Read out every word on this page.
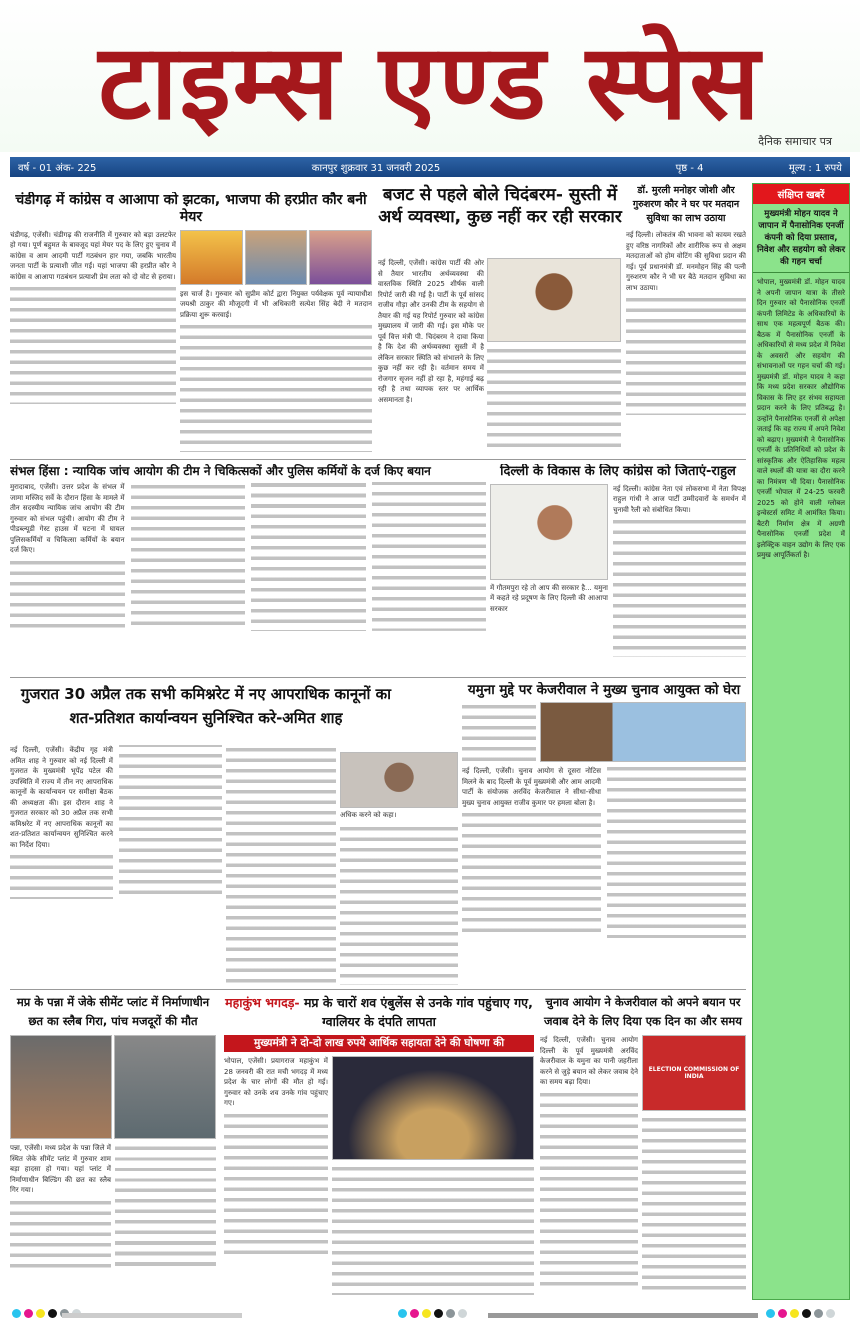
टाइम्स एण्ड स्पेस
दैनिक समाचार पत्र
वर्ष - 01 अंक- 225	कानपुर शुक्रवार 31 जनवरी 2025	पृष्ठ - 4	मूल्य : 1 रुपये
चंडीगढ़ में कांग्रेस व आआपा को झटका, भाजपा की हरप्रीत कौर बनी मेयर

चंडीगढ़, एजेंसी। चंडीगढ़ की राजनीति में गुरुवार को बड़ा उलटफेर हो गया। पूर्ण बहुमत के बावजूद यहां मेयर पद के लिए हुए चुनाव में कांग्रेस व आम आदमी पार्टी गठबंधन हार गया, जबकि भारतीय जनता पार्टी के प्रत्याशी जीत गईं। यहां भाजपा की हरप्रीत कौर ने कांग्रेस व आआपा गठबंधन प्रत्याशी प्रेम लता को दो वोट से हराया।

इस चार्ज है। गुरुवार को सुप्रीम कोर्ट द्वारा नियुक्त पर्यवेक्षक पूर्व न्यायाधीश जयश्री ठाकुर की मौजूदगी में भी अधिकारी सत्येश सिंह बेदी ने मतदान प्रक्रिया शुरू करवाई।

बजट से पहले बोले चिदंबरम- सुस्ती में अर्थ व्यवस्था, कुछ नहीं कर रही सरकार

नई दिल्ली, एजेंसी। कांग्रेस पार्टी की ओर से तैयार भारतीय अर्थव्यवस्था की वास्तविक स्थिति 2025 शीर्षक वाली रिपोर्ट जारी की गई है। पार्टी के पूर्व सांसद राजीव गौड़ा और उनकी टीम के सहयोग से तैयार की गई यह रिपोर्ट गुरुवार को कांग्रेस मुख्यालय में जारी की गई। इस मौके पर पूर्व वित्त मंत्री पी. चिदंबरम ने दावा किया है कि देश की अर्थव्यवस्था सुस्ती में है लेकिन सरकार स्थिति को संभालने के लिए कुछ नहीं कर रही है। वर्तमान समय में रोजगार सृजन नहीं हो रहा है, महंगाई बढ़ रही है तथा व्यापक स्तर पर आर्थिक असमानता है।

डॉ. मुरली मनोहर जोशी और गुरुशरण कौर ने घर पर मतदान सुविधा का लाभ उठाया

नई दिल्ली। लोकतंत्र की भावना को कायम रखते हुए वरिष्ठ नागरिकों और शारीरिक रूप से अक्षम मतदाताओं को होम वोटिंग की सुविधा प्रदान की गई। पूर्व प्रधानमंत्री डॉ. मनमोहन सिंह की पत्नी गुरुशरण कौर ने भी घर बैठे मतदान सुविधा का लाभ उठाया।

संभल हिंसा : न्यायिक जांच आयोग की टीम ने चिकित्सकों और पुलिस कर्मियों के दर्ज किए बयान

मुरादाबाद, एजेंसी। उत्तर प्रदेश के संभल में जामा मस्जिद सर्वे के दौरान हिंसा के मामले में तीन सदस्यीय न्यायिक जांच आयोग की टीम गुरुवार को संभल पहुंची। आयोग की टीम ने पीडब्ल्यूडी गेस्ट हाउस में घटना में घायल पुलिसकर्मियों व चिकित्सा कर्मियों के बयान दर्ज किए।

दिल्ली के विकास के लिए कांग्रेस को जिताएं-राहुल

में गौतमपुरा रहे तो आप की सरकार है... यमुना में कहते रहे प्रदूषण के लिए दिल्ली की आआपा सरकार

नई दिल्ली। कांग्रेस नेता एवं लोकसभा में नेता विपक्ष राहुल गांधी ने आज पार्टी उम्मीदवारों के समर्थन में चुनावी रैली को संबोधित किया।

गुजरात 30 अप्रैल तक सभी कमिश्नरेट में नए आपराधिक कानूनों का शत-प्रतिशत कार्यान्वयन सुनिश्चित करे-अमित शाह

नई दिल्ली, एजेंसी। केंद्रीय गृह मंत्री अमित शाह ने गुरुवार को नई दिल्ली में गुजरात के मुख्यमंत्री भूपेंद्र पटेल की उपस्थिति में राज्य में तीन नए आपराधिक कानूनों के कार्यान्वयन पर समीक्षा बैठक की अध्यक्षता की। इस दौरान शाह ने गुजरात सरकार को 30 अप्रैल तक सभी कमिश्नरेट में नए आपराधिक कानूनों का शत-प्रतिशत कार्यान्वयन सुनिश्चित करने का निर्देश दिया।

अधिक करने को कहा।

यमुना मुद्दे पर केजरीवाल ने मुख्य चुनाव आयुक्त को घेरा

नई दिल्ली, एजेंसी। चुनाव आयोग से दूसरा नोटिस मिलने के बाद दिल्ली के पूर्व मुख्यमंत्री और आम आदमी पार्टी के संयोजक अरविंद केजरीवाल ने सीधा-सीधा मुख्य चुनाव आयुक्त राजीव कुमार पर हमला बोला है।

मप्र के पन्ना में जेके सीमेंट प्लांट में निर्माणाधीन छत का स्लैब गिरा, पांच मजदूरों की मौत

पन्ना, एजेंसी। मध्य प्रदेश के पन्ना जिले में स्थित जेके सीमेंट प्लांट में गुरुवार शाम बड़ा हादसा हो गया। यहां प्लांट में निर्माणाधीन बिल्डिंग की छत का स्लैब गिर गया।

महाकुंभ भगदड़- मप्र के चारों शव एंबुलेंस से उनके गांव पहुंचाए गए, ग्वालियर के दंपति लापता
मुख्यमंत्री ने दो-दो लाख रुपये आर्थिक सहायता देने की घोषणा की

भोपाल, एजेंसी। प्रयागराज महाकुंभ में 28 जनवरी की रात मची भगदड़ में मध्य प्रदेश के चार लोगों की मौत हो गई। गुरुवार को उनके शव उनके गांव पहुंचाए गए।

चुनाव आयोग ने केजरीवाल को अपने बयान पर जवाब देने के लिए दिया एक दिन का और समय

नई दिल्ली, एजेंसी। चुनाव आयोग दिल्ली के पूर्व मुख्यमंत्री अरविंद केजरीवाल के यमुना का पानी जहरीला करने से जुड़े बयान को लेकर जवाब देने का समय बढ़ा दिया।

ELECTION COMMISSION OF INDIA
संक्षिप्त खबरें
मुख्यमंत्री मोहन यादव ने जापान में पैनासोनिक एनर्जी कंपनी को दिया प्रस्ताव, निवेश और सहयोग को लेकर की गहन चर्चा
भोपाल, मुख्यमंत्री डॉ. मोहन यादव ने अपनी जापान यात्रा के तीसरे दिन गुरुवार को पैनासोनिक एनर्जी कंपनी लिमिटेड के अधिकारियों के साथ एक महत्वपूर्ण बैठक की। बैठक में पैनासोनिक एनर्जी के अधिकारियों से मध्य प्रदेश में निवेश के अवसरों और सहयोग की संभावनाओं पर गहन चर्चा की गई। मुख्यमंत्री डॉ. मोहन यादव ने कहा कि मध्य प्रदेश सरकार औद्योगिक विकास के लिए हर संभव सहायता प्रदान करने के लिए प्रतिबद्ध है। उन्होंने पैनासोनिक एनर्जी से अपेक्षा जताई कि वह राज्य में अपने निवेश को बढ़ाए। मुख्यमंत्री ने पैनासोनिक एनर्जी के प्रतिनिधियों को प्रदेश के सांस्कृतिक और ऐतिहासिक महत्व वाले स्थलों की यात्रा का दौरा करने का निमंत्रण भी दिया। पैनासोनिक एनर्जी भोपाल में 24-25 फरवरी 2025 को होने वाली ग्लोबल इन्वेस्टर्स समिट में आमंत्रित किया। बैटरी निर्माण क्षेत्र में अग्रणी पैनासोनिक एनर्जी प्रदेश में इलेक्ट्रिक वाहन उद्योग के लिए एक प्रमुख आपूर्तिकर्ता है।
